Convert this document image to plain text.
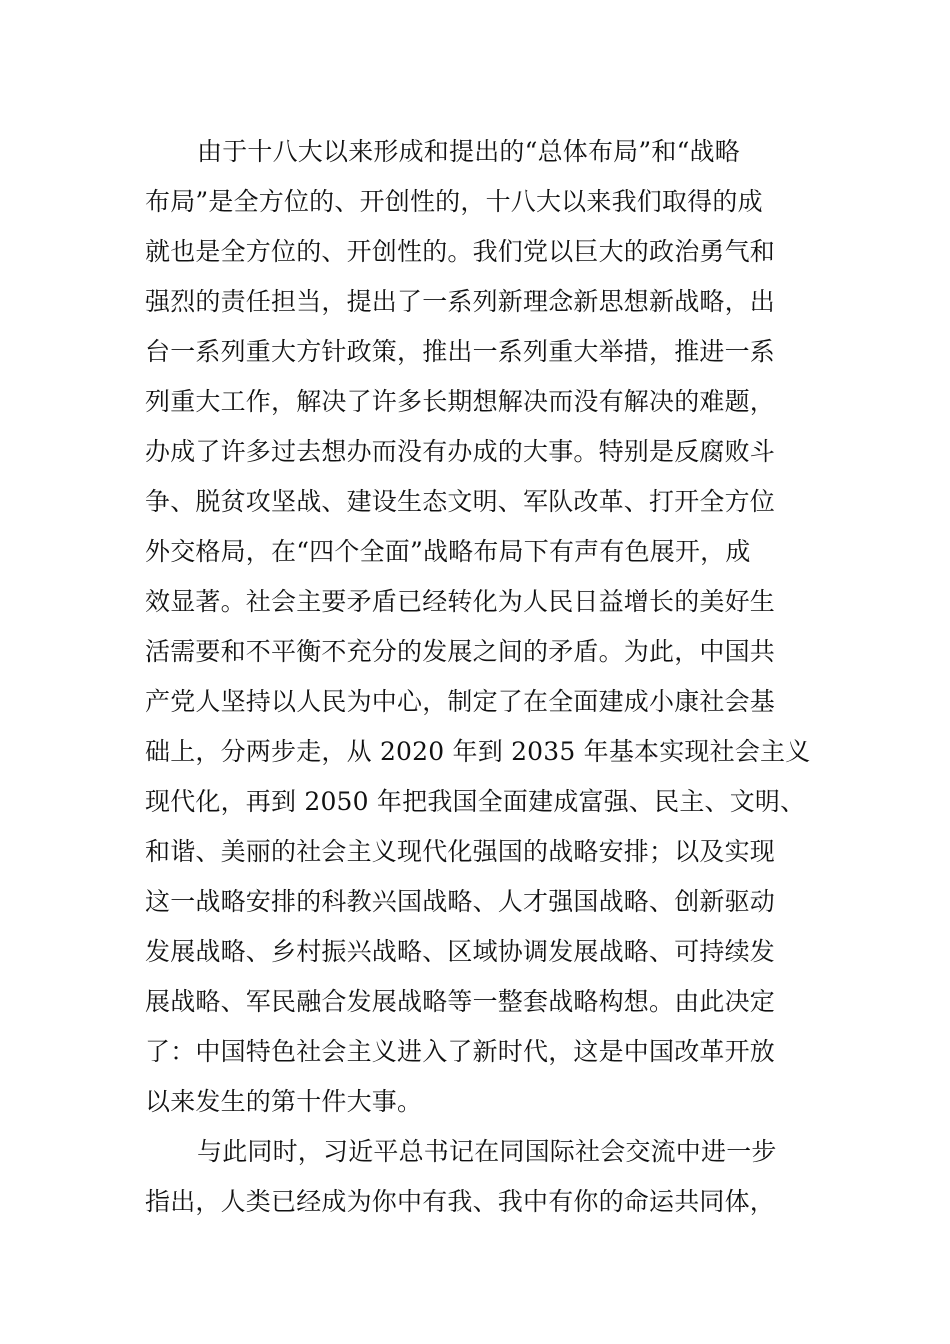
由于十八大以来形成和提出的“总体布局”和“战略
布局”是全方位的、开创性的，十八大以来我们取得的成
就也是全方位的、开创性的。我们党以巨大的政治勇气和
强烈的责任担当，提出了一系列新理念新思想新战略，出
台一系列重大方针政策，推出一系列重大举措，推进一系
列重大工作，解决了许多长期想解决而没有解决的难题，
办成了许多过去想办而没有办成的大事。特别是反腐败斗
争、脱贫攻坚战、建设生态文明、军队改革、打开全方位
外交格局，在“四个全面”战略布局下有声有色展开，成
效显著。社会主要矛盾已经转化为人民日益增长的美好生
活需要和不平衡不充分的发展之间的矛盾。为此，中国共
产党人坚持以人民为中心，制定了在全面建成小康社会基
础上，分两步走，从 2020 年到 2035 年基本实现社会主义
现代化，再到 2050 年把我国全面建成富强、民主、文明、
和谐、美丽的社会主义现代化强国的战略安排；以及实现
这一战略安排的科教兴国战略、人才强国战略、创新驱动
发展战略、乡村振兴战略、区域协调发展战略、可持续发
展战略、军民融合发展战略等一整套战略构想。由此决定
了：中国特色社会主义进入了新时代，这是中国改革开放
以来发生的第十件大事。
与此同时，习近平总书记在同国际社会交流中进一步
指出，人类已经成为你中有我、我中有你的命运共同体，
